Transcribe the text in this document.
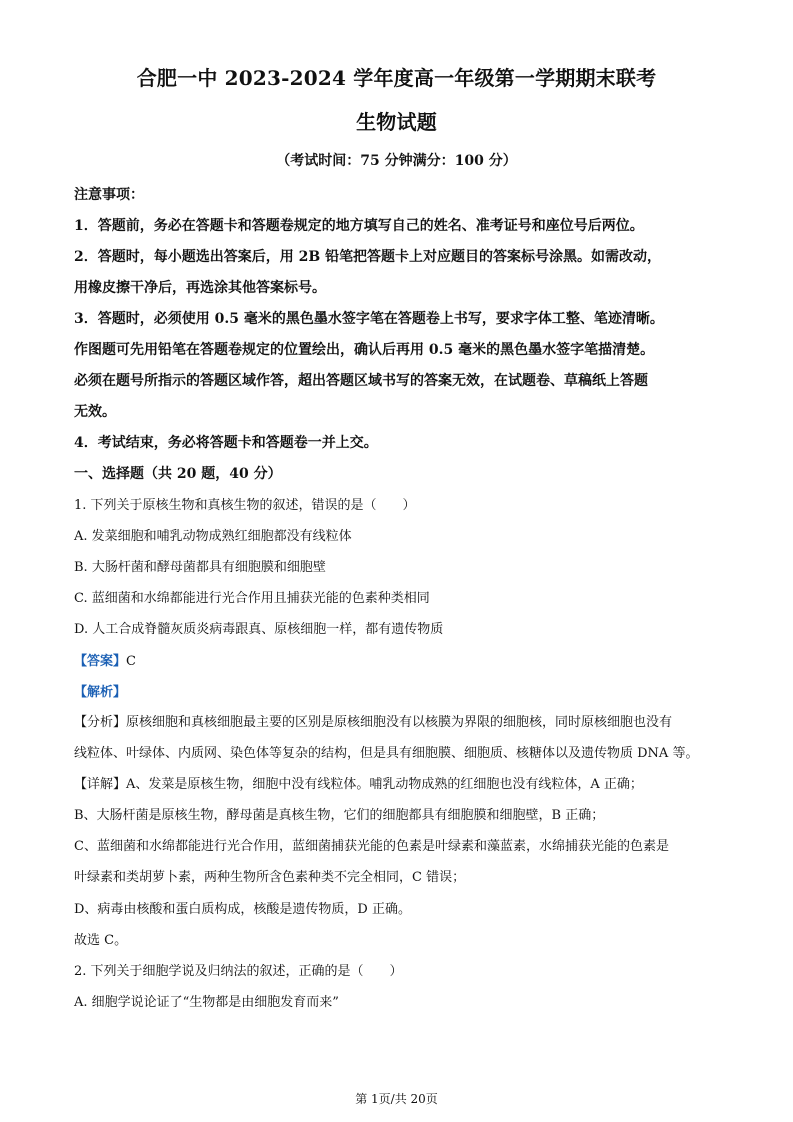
合肥一中 2023-2024 学年度高一年级第一学期期末联考
生物试题
（考试时间：75 分钟满分：100 分）
注意事项：
1．答题前，务必在答题卡和答题卷规定的地方填写自己的姓名、准考证号和座位号后两位。
2．答题时，每小题选出答案后，用 2B 铅笔把答题卡上对应题目的答案标号涂黑。如需改动，
用橡皮擦干净后，再选涂其他答案标号。
3．答题时，必须使用 0.5 毫米的黑色墨水签字笔在答题卷上书写，要求字体工整、笔迹清晰。
作图题可先用铅笔在答题卷规定的位置绘出，确认后再用 0.5 毫米的黑色墨水签字笔描清楚。
必须在题号所指示的答题区域作答，超出答题区域书写的答案无效，在试题卷、草稿纸上答题
无效。
4．考试结束，务必将答题卡和答题卷一并上交。
一、选择题（共 20 题，40 分）
1. 下列关于原核生物和真核生物的叙述，错误的是（　　）
A. 发菜细胞和哺乳动物成熟红细胞都没有线粒体
B. 大肠杆菌和酵母菌都具有细胞膜和细胞壁
C. 蓝细菌和水绵都能进行光合作用且捕获光能的色素种类相同
D. 人工合成脊髓灰质炎病毒跟真、原核细胞一样，都有遗传物质
【答案】C
【解析】
【分析】原核细胞和真核细胞最主要的区别是原核细胞没有以核膜为界限的细胞核，同时原核细胞也没有
线粒体、叶绿体、内质网、染色体等复杂的结构，但是具有细胞膜、细胞质、核糖体以及遗传物质 DNA 等。
【详解】A、发菜是原核生物，细胞中没有线粒体。哺乳动物成熟的红细胞也没有线粒体，A 正确；
B、大肠杆菌是原核生物，酵母菌是真核生物，它们的细胞都具有细胞膜和细胞壁，B 正确；
C、蓝细菌和水绵都能进行光合作用，蓝细菌捕获光能的色素是叶绿素和藻蓝素，水绵捕获光能的色素是
叶绿素和类胡萝卜素，两种生物所含色素种类不完全相同，C 错误；
D、病毒由核酸和蛋白质构成，核酸是遗传物质，D 正确。
故选 C。
2. 下列关于细胞学说及归纳法的叙述，正确的是（　　）
A. 细胞学说论证了“生物都是由细胞发育而来”
第 1页/共 20页
